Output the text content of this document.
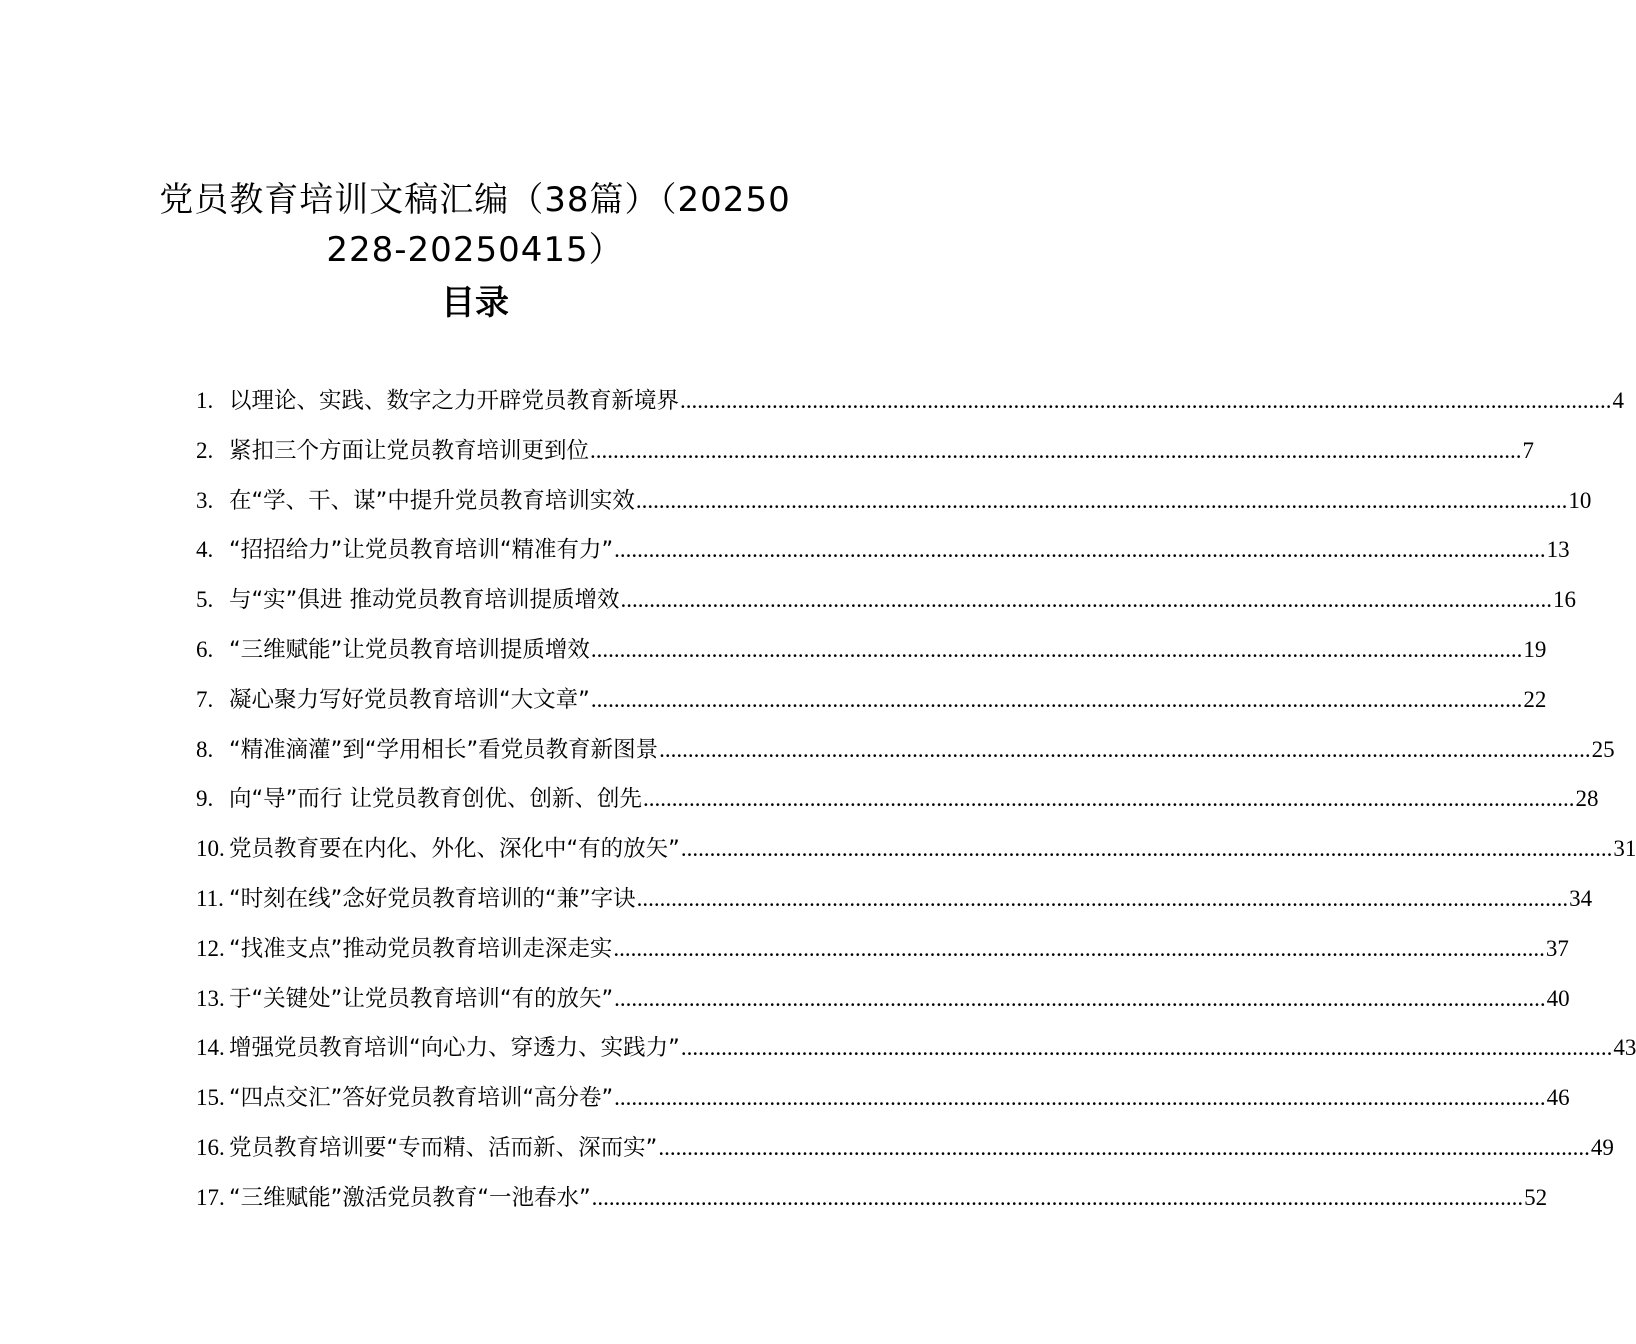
党员教育培训文稿汇编（38篇）（20250
228-20250415）
目录
1. 以理论、实践、数字之力开辟党员教育新境界 .....	4
2. 紧扣三个方面让党员教育培训更到位 .....	7
3. 在“学、干、谋”中提升党员教育培训实效 .....	10
4. “招招给力”让党员教育培训“精准有力” .....	13
5. 与“实”俱进 推动党员教育培训提质增效 .....	16
6. “三维赋能”让党员教育培训提质增效 .....	19
7. 凝心聚力写好党员教育培训“大文章” .....	22
8. “精准滴灌”到“学用相长”看党员教育新图景 .....	25
9. 向“导”而行 让党员教育创优、创新、创先 .....	28
10. 党员教育要在内化、外化、深化中“有的放矢” .....	31
11. “时刻在线”念好党员教育培训的“兼”字诀 .....	34
12. “找准支点”推动党员教育培训走深走实 .....	37
13. 于“关键处”让党员教育培训“有的放矢” .....	40
14. 增强党员教育培训“向心力、穿透力、实践力” .....	43
15. “四点交汇”答好党员教育培训“高分卷” .....	46
16. 党员教育培训要“专而精、活而新、深而实” .....	49
17. “三维赋能”激活党员教育“一池春水” .....	52
